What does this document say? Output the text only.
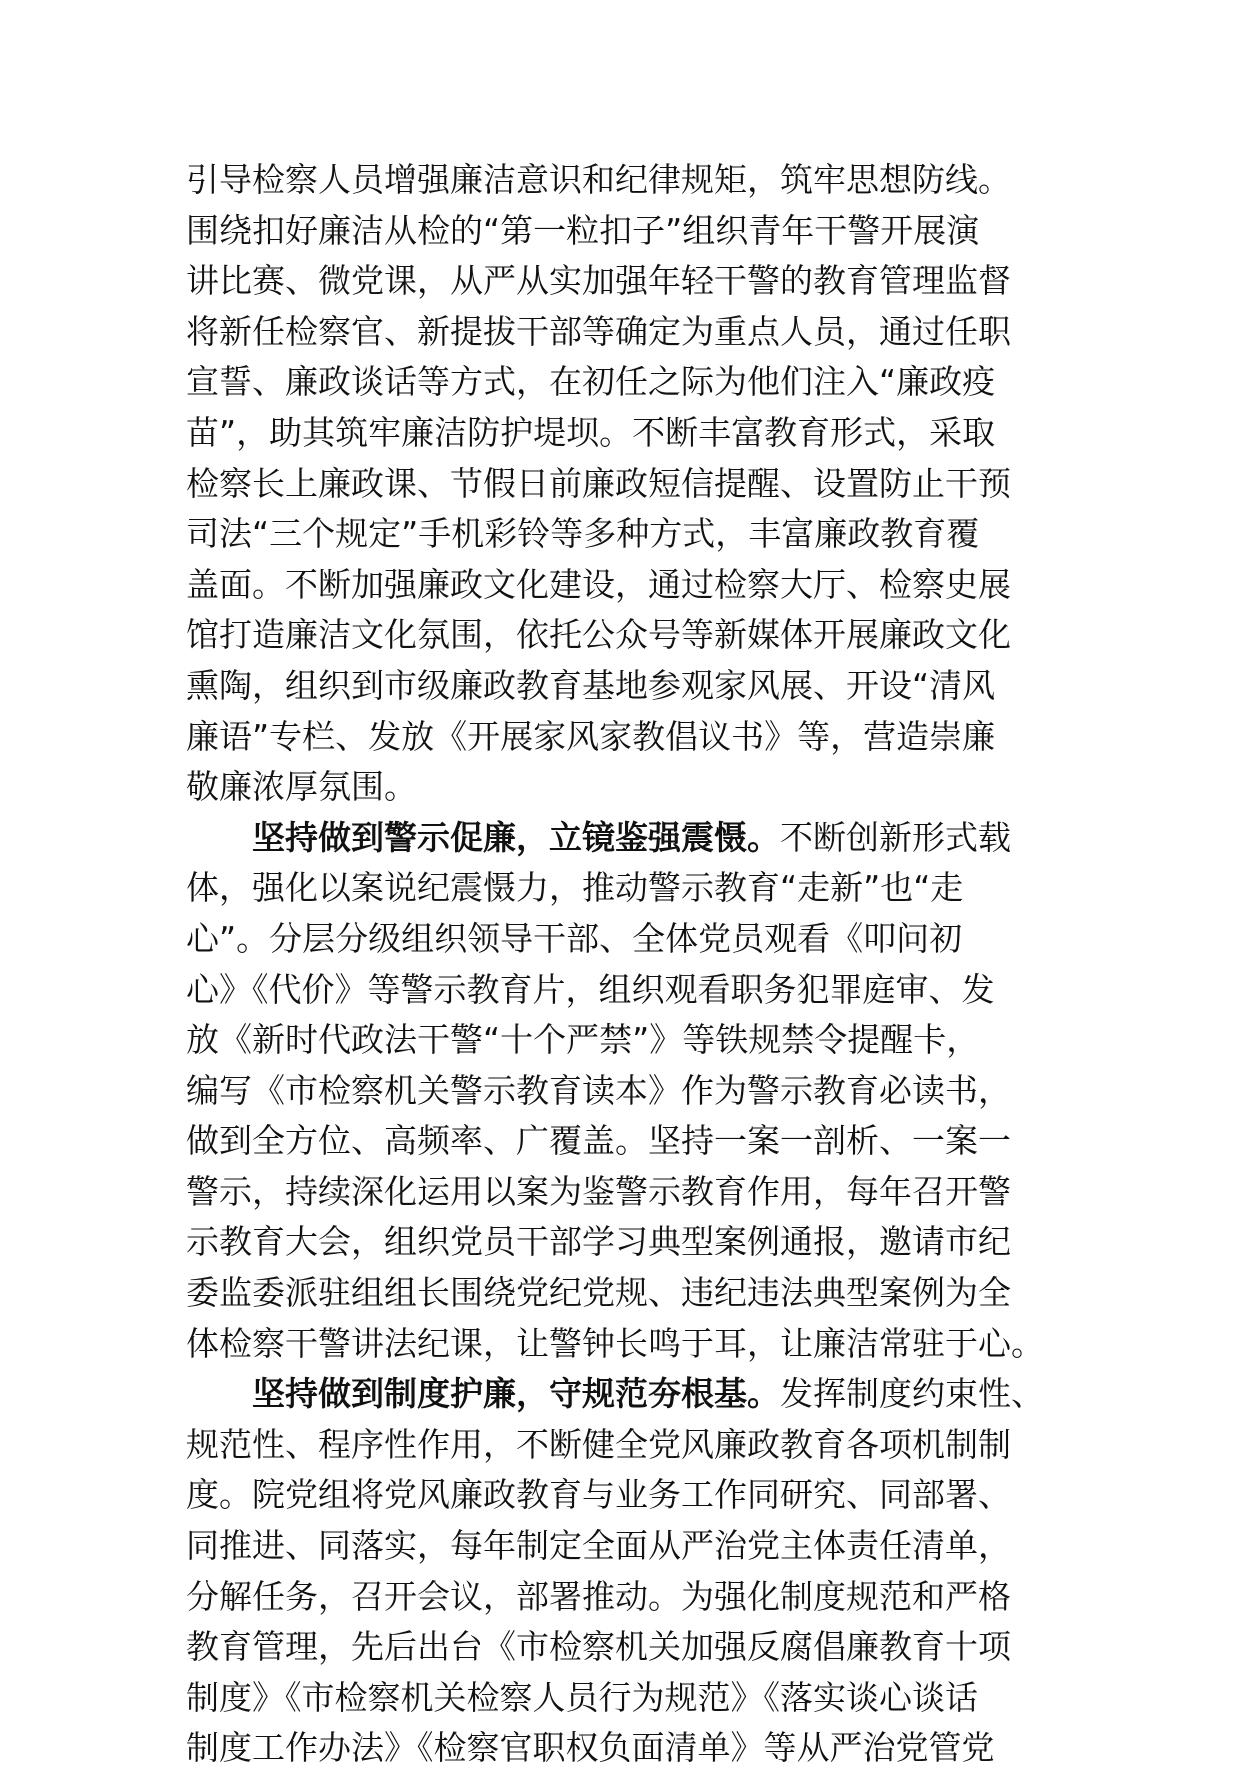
引导检察人员增强廉洁意识和纪律规矩，筑牢思想防线。
围绕扣好廉洁从检的“第一粒扣子”组织青年干警开展演
讲比赛、微党课，从严从实加强年轻干警的教育管理监督
将新任检察官、新提拔干部等确定为重点人员，通过任职
宣誓、廉政谈话等方式，在初任之际为他们注入“廉政疫
苗”，助其筑牢廉洁防护堤坝。不断丰富教育形式，采取
检察长上廉政课、节假日前廉政短信提醒、设置防止干预
司法“三个规定”手机彩铃等多种方式，丰富廉政教育覆
盖面。不断加强廉政文化建设，通过检察大厅、检察史展
馆打造廉洁文化氛围，依托公众号等新媒体开展廉政文化
熏陶，组织到市级廉政教育基地参观家风展、开设“清风
廉语”专栏、发放《开展家风家教倡议书》等，营造崇廉
敬廉浓厚氛围。
坚持做到警示促廉，立镜鉴强震慑。不断创新形式载
体，强化以案说纪震慑力，推动警示教育“走新”也“走
心”。分层分级组织领导干部、全体党员观看《叩问初
心》《代价》等警示教育片，组织观看职务犯罪庭审、发
放《新时代政法干警“十个严禁”》等铁规禁令提醒卡，
编写《市检察机关警示教育读本》作为警示教育必读书，
做到全方位、高频率、广覆盖。坚持一案一剖析、一案一
警示，持续深化运用以案为鉴警示教育作用，每年召开警
示教育大会，组织党员干部学习典型案例通报，邀请市纪
委监委派驻组组长围绕党纪党规、违纪违法典型案例为全
体检察干警讲法纪课，让警钟长鸣于耳，让廉洁常驻于心。
坚持做到制度护廉，守规范夯根基。发挥制度约束性、
规范性、程序性作用，不断健全党风廉政教育各项机制制
度。院党组将党风廉政教育与业务工作同研究、同部署、
同推进、同落实，每年制定全面从严治党主体责任清单，
分解任务，召开会议，部署推动。为强化制度规范和严格
教育管理，先后出台《市检察机关加强反腐倡廉教育十项
制度》《市检察机关检察人员行为规范》《落实谈心谈话
制度工作办法》《检察官职权负面清单》等从严治党管党
